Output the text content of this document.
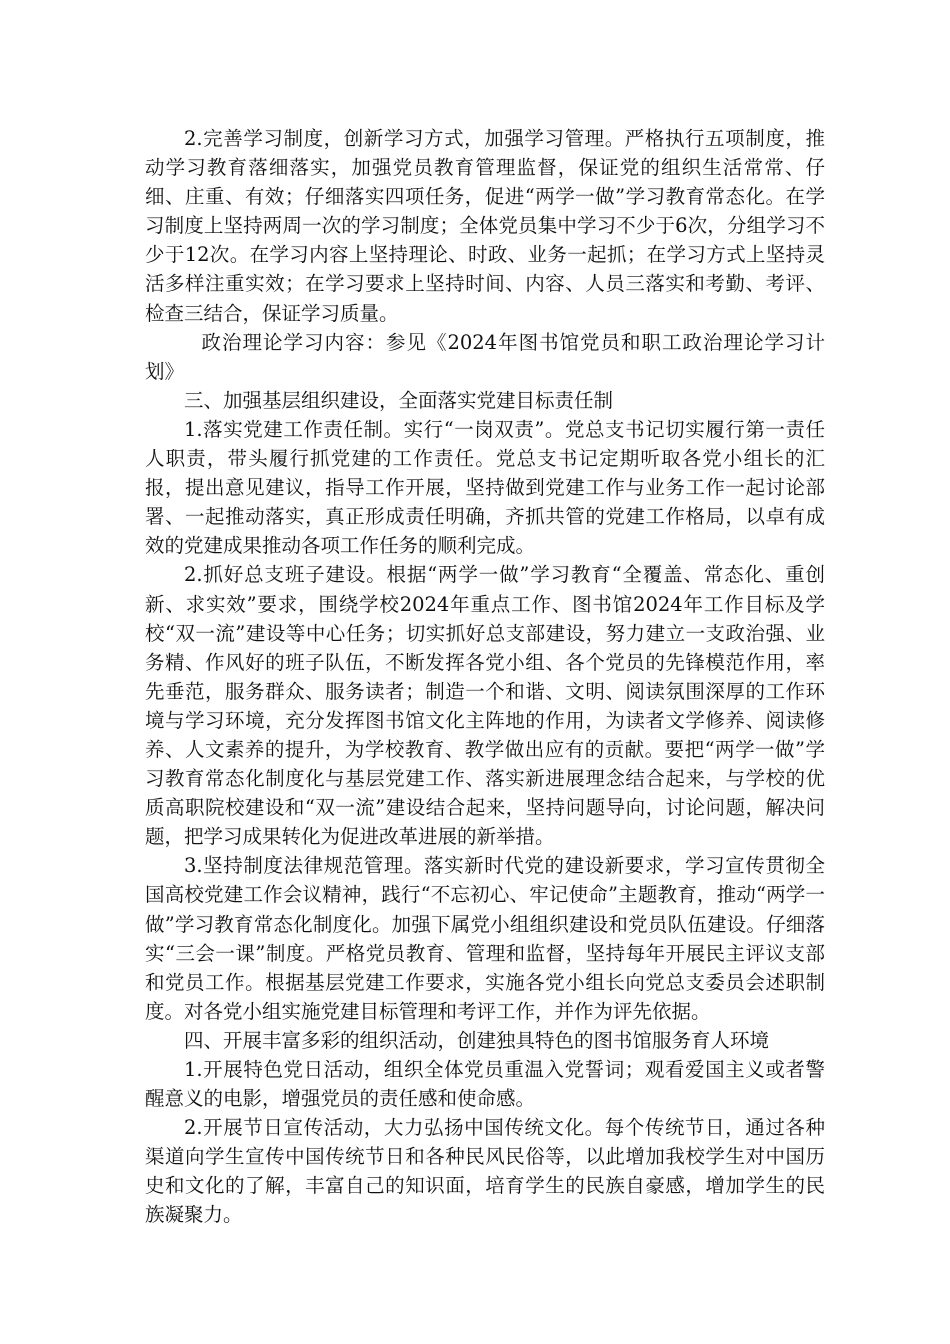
2.完善学习制度，创新学习方式，加强学习管理。严格执行五项制度，推动学习教育落细落实，加强党员教育管理监督，保证党的组织生活常常、仔细、庄重、有效；仔细落实四项任务，促进“两学一做”学习教育常态化。在学习制度上坚持两周一次的学习制度；全体党员集中学习不少于6次，分组学习不少于12次。在学习内容上坚持理论、时政、业务一起抓；在学习方式上坚持灵活多样注重实效；在学习要求上坚持时间、内容、人员三落实和考勤、考评、检查三结合，保证学习质量。

政治理论学习内容：参见《2024年图书馆党员和职工政治理论学习计划》

三、加强基层组织建设，全面落实党建目标责任制

1.落实党建工作责任制。实行“一岗双责”。党总支书记切实履行第一责任人职责，带头履行抓党建的工作责任。党总支书记定期听取各党小组长的汇报，提出意见建议，指导工作开展，坚持做到党建工作与业务工作一起讨论部署、一起推动落实，真正形成责任明确，齐抓共管的党建工作格局，以卓有成效的党建成果推动各项工作任务的顺利完成。

2.抓好总支班子建设。根据“两学一做”学习教育“全覆盖、常态化、重创新、求实效”要求，围绕学校2024年重点工作、图书馆2024年工作目标及学校“双一流”建设等中心任务；切实抓好总支部建设，努力建立一支政治强、业务精、作风好的班子队伍，不断发挥各党小组、各个党员的先锋模范作用，率先垂范，服务群众、服务读者；制造一个和谐、文明、阅读氛围深厚的工作环境与学习环境，充分发挥图书馆文化主阵地的作用，为读者文学修养、阅读修养、人文素养的提升，为学校教育、教学做出应有的贡献。要把“两学一做”学习教育常态化制度化与基层党建工作、落实新进展理念结合起来，与学校的优质高职院校建设和“双一流”建设结合起来，坚持问题导向，讨论问题，解决问题，把学习成果转化为促进改革进展的新举措。

3.坚持制度法律规范管理。落实新时代党的建设新要求，学习宣传贯彻全国高校党建工作会议精神，践行“不忘初心、牢记使命”主题教育，推动“两学一做”学习教育常态化制度化。加强下属党小组组织建设和党员队伍建设。仔细落实“三会一课”制度。严格党员教育、管理和监督，坚持每年开展民主评议支部和党员工作。根据基层党建工作要求，实施各党小组长向党总支委员会述职制度。对各党小组实施党建目标管理和考评工作，并作为评先依据。

四、开展丰富多彩的组织活动，创建独具特色的图书馆服务育人环境

1.开展特色党日活动，组织全体党员重温入党誓词；观看爱国主义或者警醒意义的电影，增强党员的责任感和使命感。

2.开展节日宣传活动，大力弘扬中国传统文化。每个传统节日，通过各种渠道向学生宣传中国传统节日和各种民风民俗等，以此增加我校学生对中国历史和文化的了解，丰富自己的知识面，培育学生的民族自豪感，增加学生的民族凝聚力。
